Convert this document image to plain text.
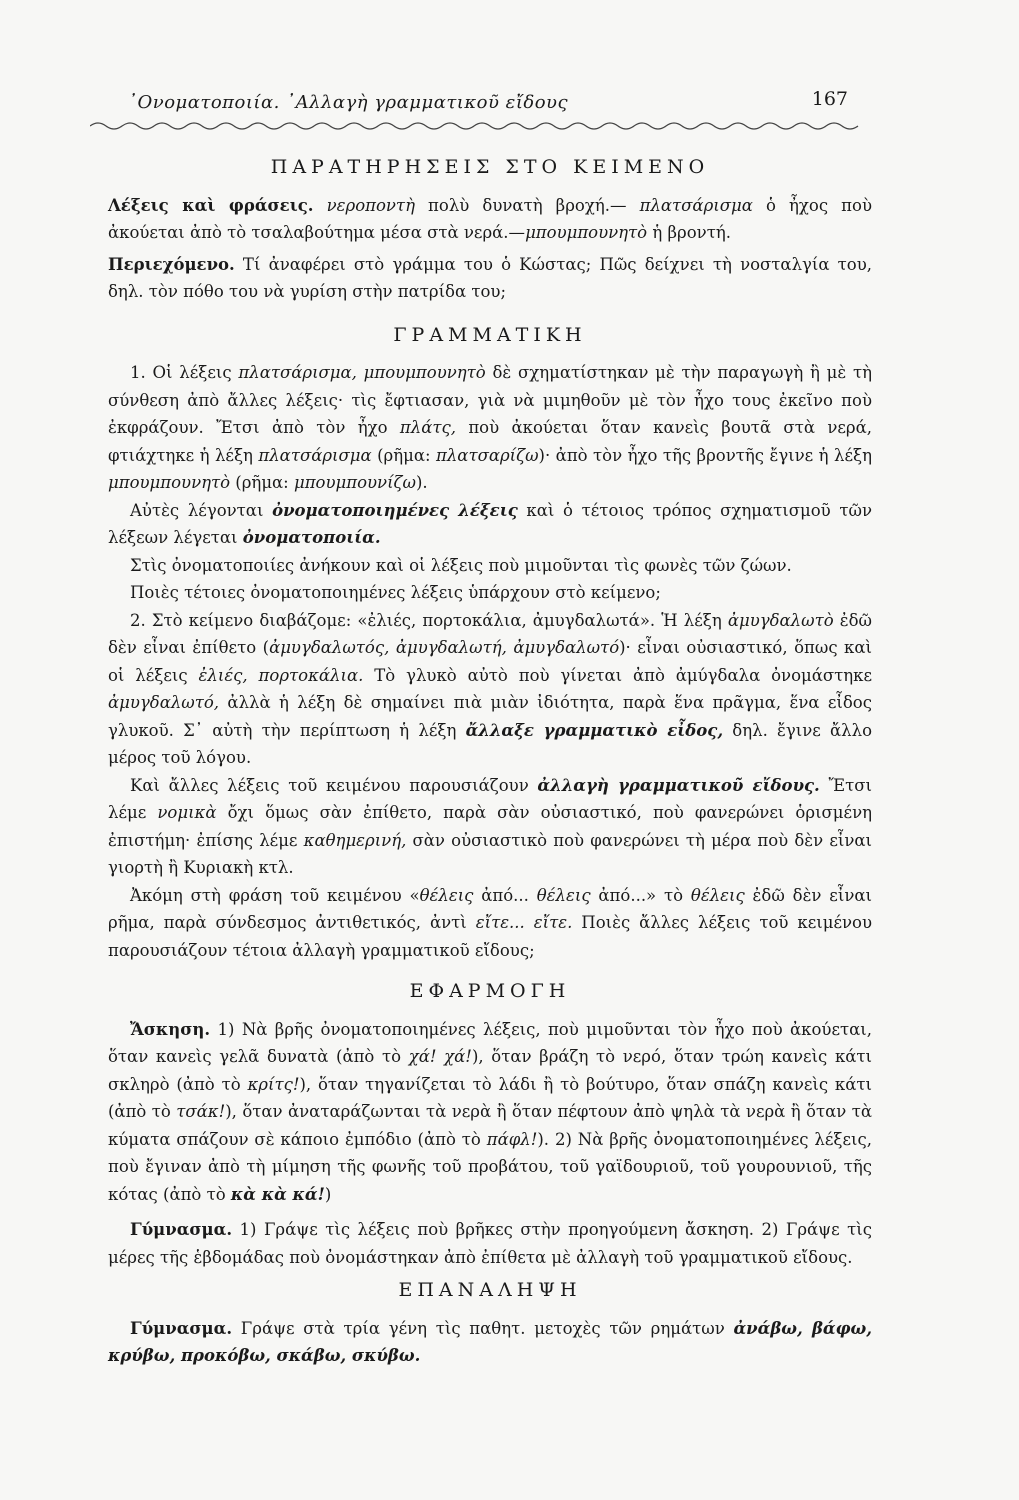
᾽Ονοματοποιία. ᾽Αλλαγὴ γραμματικοῦ εἴδους	167
ΠΑΡΑΤΗΡΗΣΕΙΣ ΣΤΟ ΚΕΙΜΕΝΟ

Λέξεις καὶ φράσεις. νεροποντὴ πολὺ δυνατὴ βροχή.— πλατσάρισμα ὁ ἦχος ποὺ ἀκούεται ἀπὸ τὸ τσαλαβούτημα μέσα στὰ νερά.—μπουμπουνητὸ ἡ βροντή.

Περιεχόμενο. Τί ἀναφέρει στὸ γράμμα του ὁ Κώστας; Πῶς δείχνει τὴ νοσταλγία του, δηλ. τὸν πόθο του νὰ γυρίση στὴν πατρίδα του;

ΓΡΑΜΜΑΤΙΚΗ

1. Οἱ λέξεις πλατσάρισμα, μπουμπουνητὸ δὲ σχηματίστηκαν μὲ τὴν παραγωγὴ ἢ μὲ τὴ σύνθεση ἀπὸ ἄλλες λέξεις· τὶς ἔφτιασαν, γιὰ νὰ μιμηθοῦν μὲ τὸν ἦχο τους ἐκεῖνο ποὺ ἐκφράζουν. Ἔτσι ἀπὸ τὸν ἦχο πλάτς, ποὺ ἀκούεται ὅταν κανεὶς βουτᾶ στὰ νερά, φτιάχτηκε ἡ λέξη πλατσάρισμα (ρῆμα: πλατσαρίζω)· ἀπὸ τὸν ἦχο τῆς βροντῆς ἔγινε ἡ λέξη μπουμπουνητὸ (ρῆμα: μπουμπουνίζω).

Αὐτὲς λέγονται ὀνοματοποιημένες λέξεις καὶ ὁ τέτοιος τρόπος σχηματισμοῦ τῶν λέξεων λέγεται ὀνοματοποιία.

Στὶς ὀνοματοποιίες ἀνήκουν καὶ οἱ λέξεις ποὺ μιμοῦνται τὶς φωνὲς τῶν ζώων.

Ποιὲς τέτοιες ὀνοματοποιημένες λέξεις ὑπάρχουν στὸ κείμενο;

2. Στὸ κείμενο διαβάζομε: «ἐλιές, πορτοκάλια, ἀμυγδαλωτά». Ἡ λέξη ἀμυγδαλωτὸ ἐδῶ δὲν εἶναι ἐπίθετο (ἀμυγδαλωτός, ἀμυγδαλωτή, ἀμυγδαλωτό)· εἶναι οὐσιαστικό, ὅπως καὶ οἱ λέξεις ἐλιές, πορτοκάλια. Τὸ γλυκὸ αὐτὸ ποὺ γίνεται ἀπὸ ἀμύγδαλα ὀνομάστηκε ἀμυγδαλωτό, ἀλλὰ ἡ λέξη δὲ σημαίνει πιὰ μιὰν ἰδιότητα, παρὰ ἕνα πρᾶγμα, ἕνα εἶδος γλυκοῦ. Σ᾽ αὐτὴ τὴν περίπτωση ἡ λέξη ἄλλαξε γραμματικὸ εἶδος, δηλ. ἔγινε ἄλλο μέρος τοῦ λόγου.

Καὶ ἄλλες λέξεις τοῦ κειμένου παρουσιάζουν ἀλλαγὴ γραμματικοῦ εἴδους. Ἔτσι λέμε νομικὰ ὄχι ὅμως σὰν ἐπίθετο, παρὰ σὰν οὐσιαστικό, ποὺ φανερώνει ὁρισμένη ἐπιστήμη· ἐπίσης λέμε καθημερινή, σὰν οὐσιαστικὸ ποὺ φανερώνει τὴ μέρα ποὺ δὲν εἶναι γιορτὴ ἢ Κυριακὴ κτλ.

Ἀκόμη στὴ φράση τοῦ κειμένου «θέλεις ἀπό... θέλεις ἀπό...» τὸ θέλεις ἐδῶ δὲν εἶναι ρῆμα, παρὰ σύνδεσμος ἀντιθετικός, ἀντὶ εἴτε... εἴτε. Ποιὲς ἄλλες λέξεις τοῦ κειμένου παρουσιάζουν τέτοια ἀλλαγὴ γραμματικοῦ εἴδους;

ΕΦΑΡΜΟΓΗ

Ἄσκηση. 1) Νὰ βρῆς ὀνοματοποιημένες λέξεις, ποὺ μιμοῦνται τὸν ἦχο ποὺ ἀκούεται, ὅταν κανεὶς γελᾶ δυνατὰ (ἀπὸ τὸ χά! χά!), ὅταν βράζη τὸ νερό, ὅταν τρώη κανεὶς κάτι σκληρὸ (ἀπὸ τὸ κρίτς!), ὅταν τηγανίζεται τὸ λάδι ἢ τὸ βούτυρο, ὅταν σπάζη κανεὶς κάτι (ἀπὸ τὸ τσάκ!), ὅταν ἀναταράζωνται τὰ νερὰ ἢ ὅταν πέφτουν ἀπὸ ψηλὰ τὰ νερὰ ἢ ὅταν τὰ κύματα σπάζουν σὲ κάποιο ἐμπόδιο (ἀπὸ τὸ πάφλ!). 2) Νὰ βρῆς ὀνοματοποιημένες λέξεις, ποὺ ἔγιναν ἀπὸ τὴ μίμηση τῆς φωνῆς τοῦ προβάτου, τοῦ γαϊδουριοῦ, τοῦ γουρουνιοῦ, τῆς κότας (ἀπὸ τὸ κὰ κὰ κά!)

Γύμνασμα. 1) Γράψε τὶς λέξεις ποὺ βρῆκες στὴν προηγούμενη ἄσκηση. 2) Γράψε τὶς μέρες τῆς ἑβδομάδας ποὺ ὀνομάστηκαν ἀπὸ ἐπίθετα μὲ ἀλλαγὴ τοῦ γραμματικοῦ εἴδους.

ΕΠΑΝΑΛΗΨΗ

Γύμνασμα. Γράψε στὰ τρία γένη τὶς παθητ. μετοχὲς τῶν ρημάτων ἀνάβω, βάφω, κρύβω, προκόβω, σκάβω, σκύβω.
